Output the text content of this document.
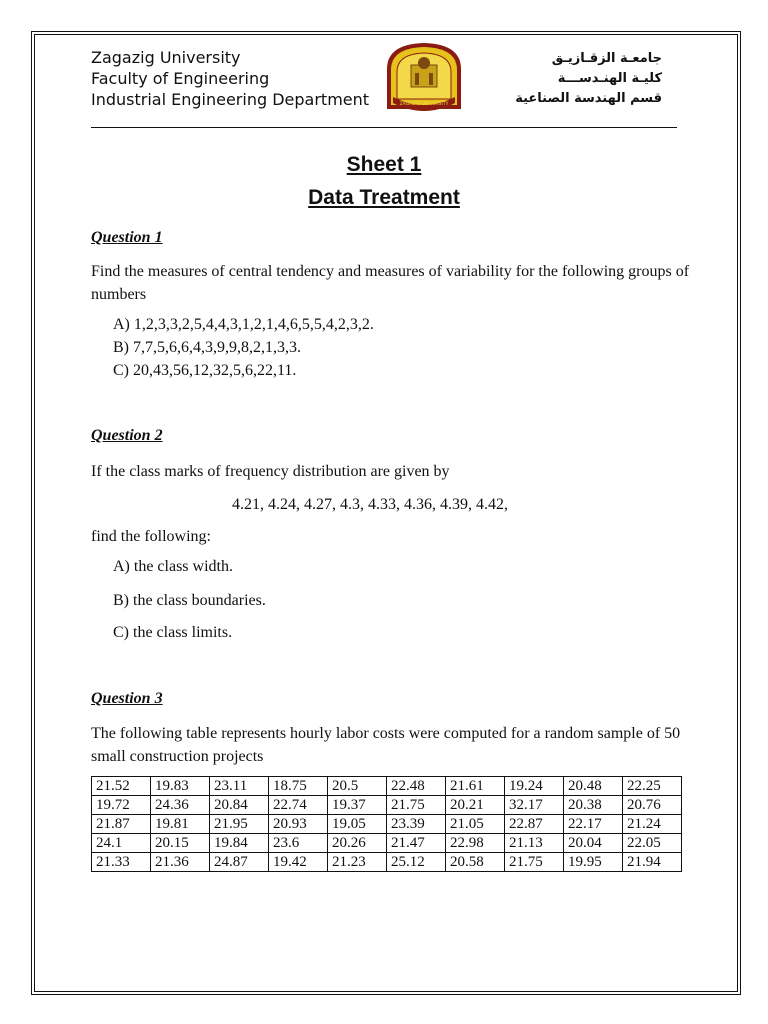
Zagazig University
Faculty of Engineering
Industrial Engineering Department	ZAGAZIG UNIVERSITY
جامعـة الزقـازيـق
كليـة الهنـدســـة
قسم الهندسة الصناعية
Sheet 1
Data Treatment
Question 1
Find the measures of central tendency and measures of variability for the following groups of numbers
A) 1,2,3,3,2,5,4,4,3,1,2,1,4,6,5,5,4,2,3,2.
B) 7,7,5,6,6,4,3,9,9,8,2,1,3,3.
C) 20,43,56,12,32,5,6,22,11.
Question 2
If the class marks of frequency distribution are given by
4.21, 4.24, 4.27, 4.3, 4.33, 4.36, 4.39, 4.42,
find the following:
A) the class width.
B) the class boundaries.
C) the class limits.
Question 3
The following table represents hourly labor costs were computed for a random sample of 50 small construction projects
21.52	19.83	23.11	18.75	20.5	22.48	21.61	19.24	20.48	22.25
19.72	24.36	20.84	22.74	19.37	21.75	20.21	32.17	20.38	20.76
21.87	19.81	21.95	20.93	19.05	23.39	21.05	22.87	22.17	21.24
24.1	20.15	19.84	23.6	20.26	21.47	22.98	21.13	20.04	22.05
21.33	21.36	24.87	19.42	21.23	25.12	20.58	21.75	19.95	21.94
